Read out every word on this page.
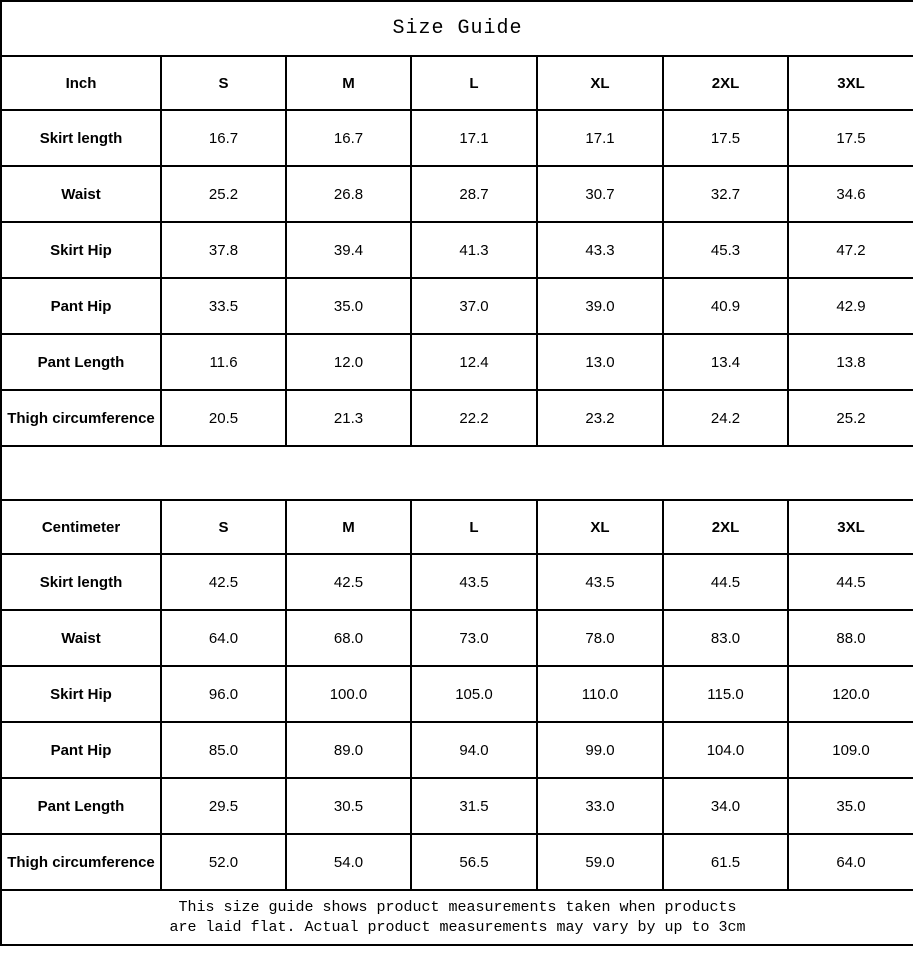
Size Guide						
Inch	S	M	L	XL	2XL	3XL
Skirt length	16.7	16.7	17.1	17.1	17.5	17.5
Waist	25.2	26.8	28.7	30.7	32.7	34.6
Skirt Hip	37.8	39.4	41.3	43.3	45.3	47.2
Pant Hip	33.5	35.0	37.0	39.0	40.9	42.9
Pant Length	11.6	12.0	12.4	13.0	13.4	13.8
Thigh circumference	20.5	21.3	22.2	23.2	24.2	25.2

Centimeter	S	M	L	XL	2XL	3XL
Skirt length	42.5	42.5	43.5	43.5	44.5	44.5
Waist	64.0	68.0	73.0	78.0	83.0	88.0
Skirt Hip	96.0	100.0	105.0	110.0	115.0	120.0
Pant Hip	85.0	89.0	94.0	99.0	104.0	109.0
Pant Length	29.5	30.5	31.5	33.0	34.0	35.0
Thigh circumference	52.0	54.0	56.5	59.0	61.5	64.0

This size guide shows product measurements taken when products
are laid flat. Actual product measurements may vary by up to 3cm						
